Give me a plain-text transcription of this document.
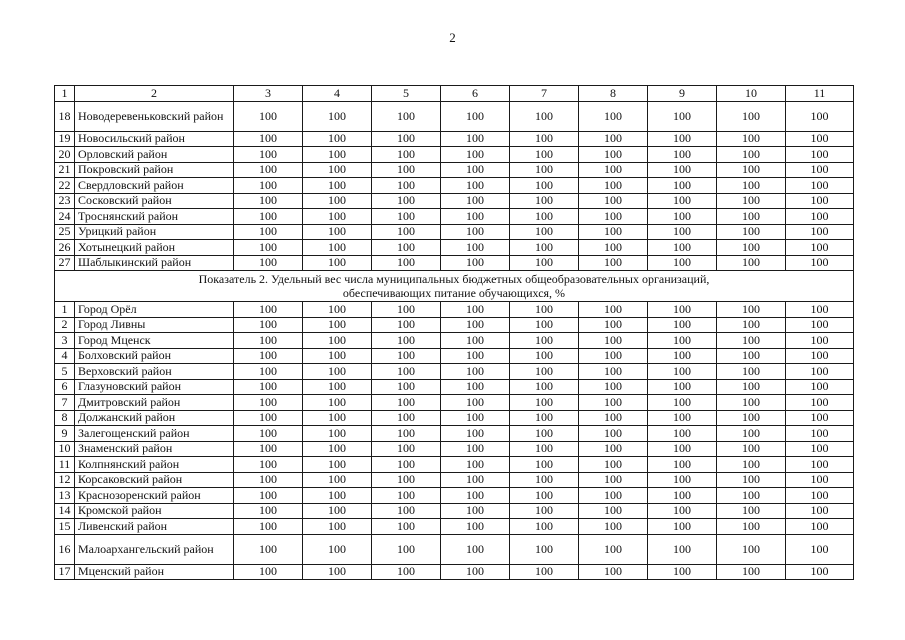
2
1	2	3	4	5	6	7	8	9	10	11
18	Новодеревеньковский район	100	100	100	100	100	100	100	100	100
19	Новосильский район	100	100	100	100	100	100	100	100	100
20	Орловский район	100	100	100	100	100	100	100	100	100
21	Покровский район	100	100	100	100	100	100	100	100	100
22	Свердловский район	100	100	100	100	100	100	100	100	100
23	Сосковский район	100	100	100	100	100	100	100	100	100
24	Троснянский район	100	100	100	100	100	100	100	100	100
25	Урицкий район	100	100	100	100	100	100	100	100	100
26	Хотынецкий район	100	100	100	100	100	100	100	100	100
27	Шаблыкинский район	100	100	100	100	100	100	100	100	100

Показатель 2. Удельный вес числа муниципальных бюджетных общеобразовательных организаций,
обеспечивающих питание обучающихся, %										

1	Город Орёл	100	100	100	100	100	100	100	100	100
2	Город Ливны	100	100	100	100	100	100	100	100	100
3	Город Мценск	100	100	100	100	100	100	100	100	100
4	Болховский район	100	100	100	100	100	100	100	100	100
5	Верховский район	100	100	100	100	100	100	100	100	100
6	Глазуновский район	100	100	100	100	100	100	100	100	100
7	Дмитровский район	100	100	100	100	100	100	100	100	100
8	Должанский район	100	100	100	100	100	100	100	100	100
9	Залегощенский район	100	100	100	100	100	100	100	100	100
10	Знаменский район	100	100	100	100	100	100	100	100	100
11	Колпнянский район	100	100	100	100	100	100	100	100	100
12	Корсаковский район	100	100	100	100	100	100	100	100	100
13	Краснозоренский район	100	100	100	100	100	100	100	100	100
14	Кромской район	100	100	100	100	100	100	100	100	100
15	Ливенский район	100	100	100	100	100	100	100	100	100
16	Малоархангельский район	100	100	100	100	100	100	100	100	100
17	Мценский район	100	100	100	100	100	100	100	100	100
